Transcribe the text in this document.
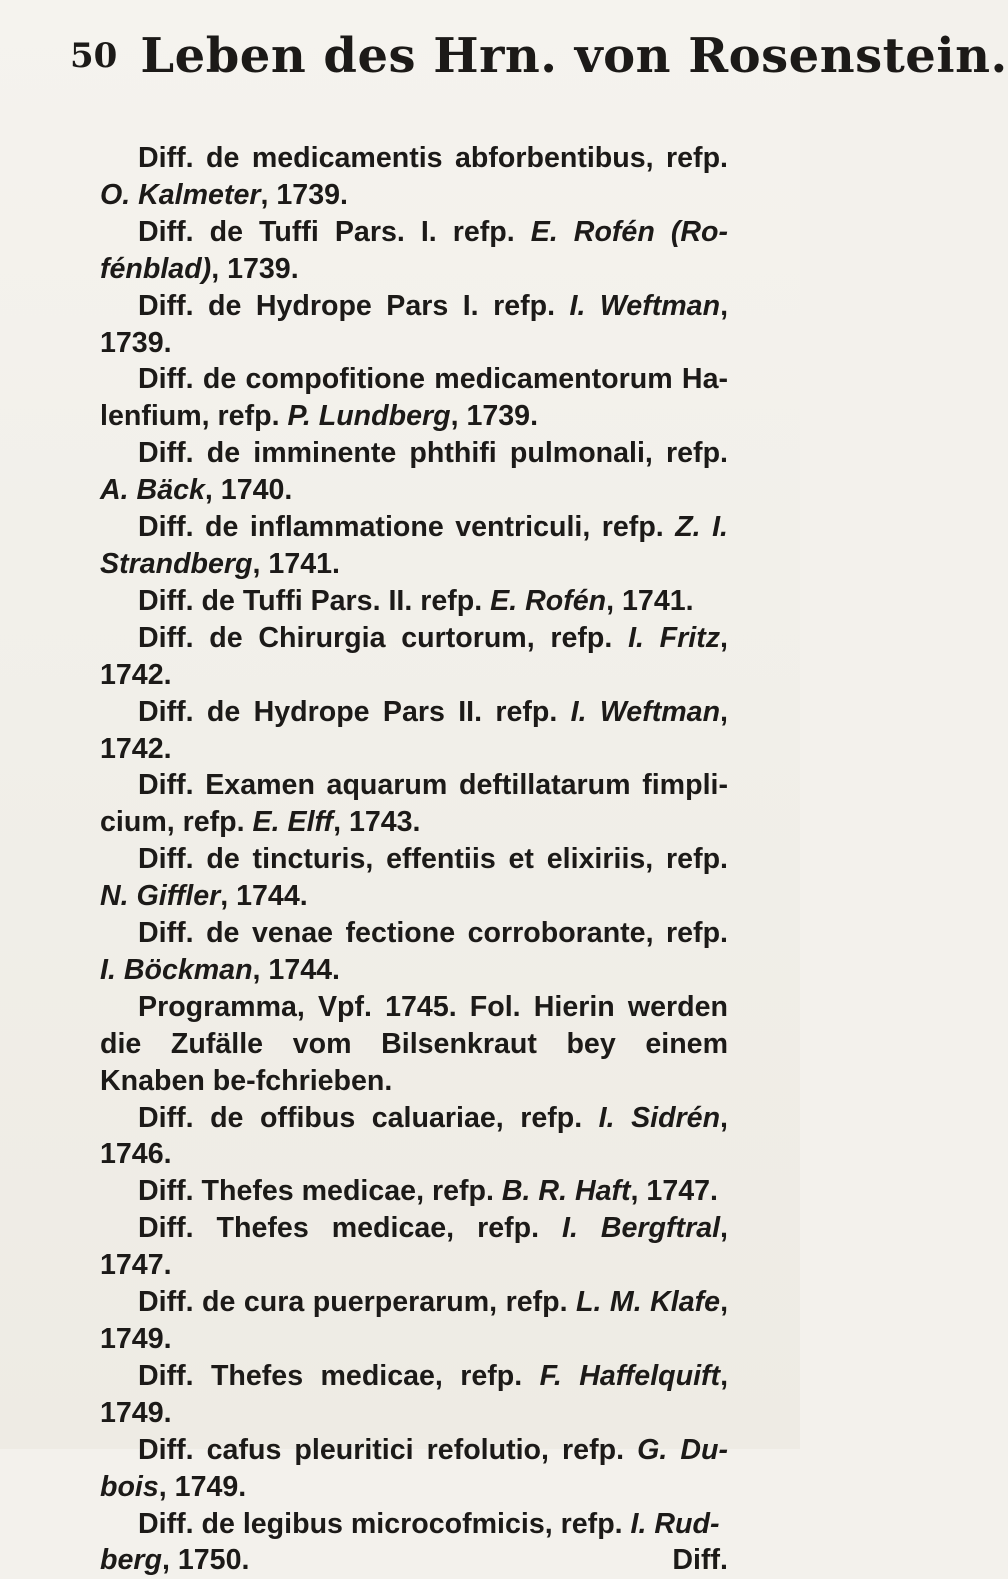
50 Leben des Hrn. von Rosenstein.

Diff. de medicamentis abforbentibus, refp. O. Kalmeter, 1739.

Diff. de Tuffi Pars. I. refp. E. Rofén (Ro-fénblad), 1739.

Diff. de Hydrope Pars I. refp. I. Weftman, 1739.

Diff. de compofitione medicamentorum Ha-lenfium, refp. P. Lundberg, 1739.

Diff. de imminente phthifi pulmonali, refp. A. Bäck, 1740.

Diff. de inflammatione ventriculi, refp. Z. I. Strandberg, 1741.

Diff. de Tuffi Pars. II. refp. E. Rofén, 1741.

Diff. de Chirurgia curtorum, refp. I. Fritz, 1742.

Diff. de Hydrope Pars II. refp. I. Weftman, 1742.

Diff. Examen aquarum deftillatarum fimpli-cium, refp. E. Elff, 1743.

Diff. de tincturis, effentiis et elixiriis, refp. N. Giffler, 1744.

Diff. de venae fectione corroborante, refp. I. Böckman, 1744.

Programma, Vpf. 1745. Fol. Hierin werden die Zufälle vom Bilsenkraut bey einem Knaben be-fchrieben.

Diff. de offibus caluariae, refp. I. Sidrén, 1746.

Diff. Thefes medicae, refp. B. R. Haft, 1747.

Diff. Thefes medicae, refp. I. Bergftral, 1747.

Diff. de cura puerperarum, refp. L. M. Klafe, 1749.

Diff. Thefes medicae, refp. F. Haffelquift, 1749.

Diff. cafus pleuritici refolutio, refp. G. Du-bois, 1749.

Diff. de legibus microcofmicis, refp. I. Rud-

berg, 1750.	Diff.
